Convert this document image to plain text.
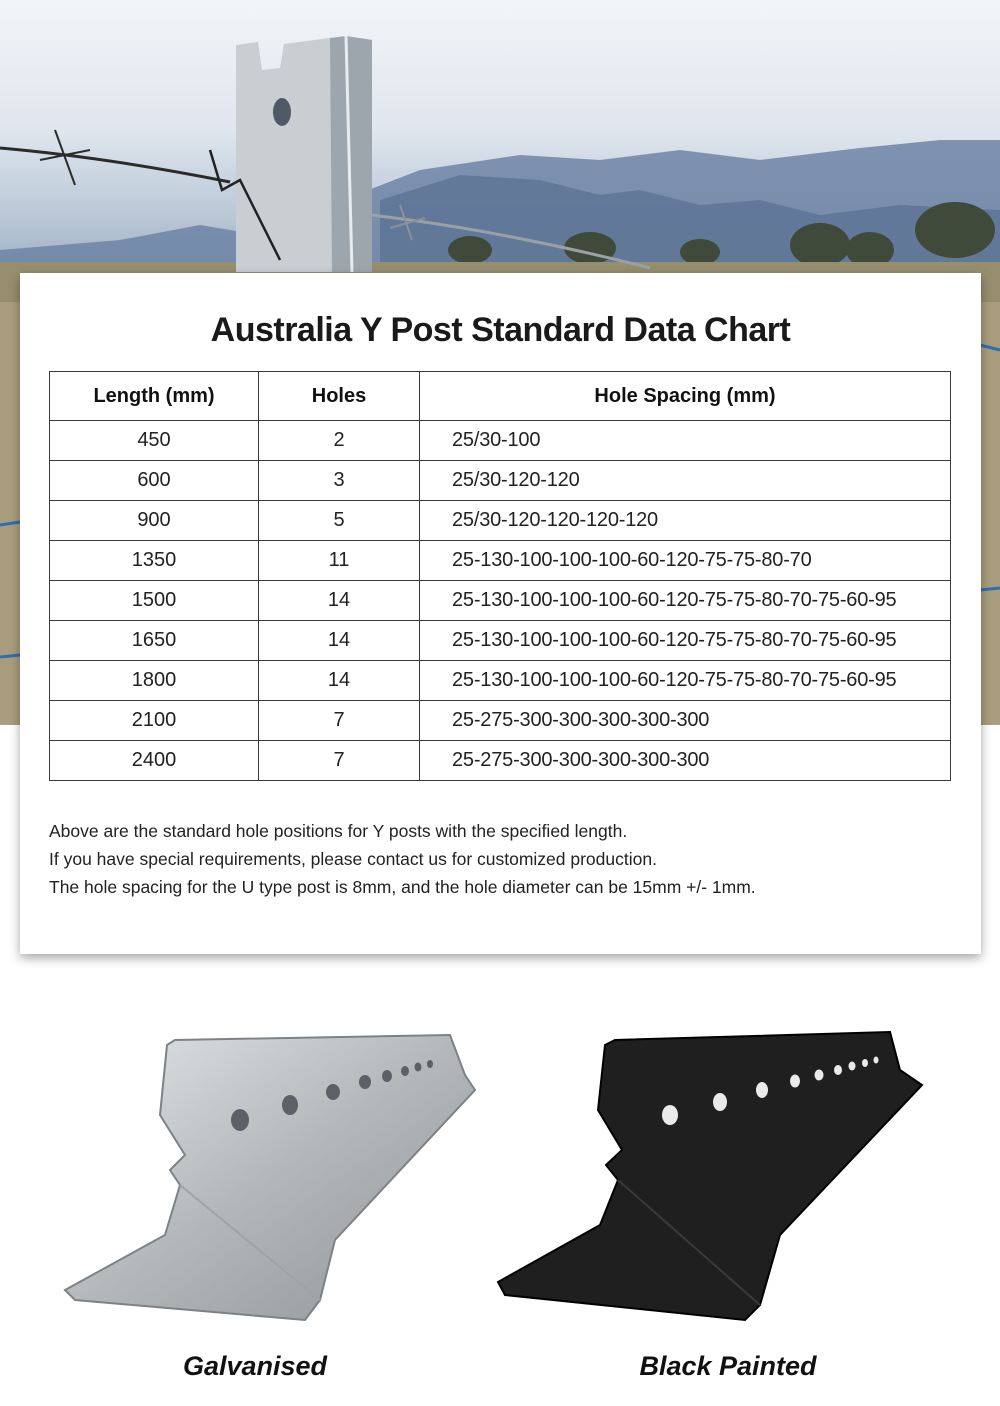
Australia Y Post Standard Data Chart
Length (mm)	Holes	Hole Spacing (mm)
450	2	25/30-100
600	3	25/30-120-120
900	5	25/30-120-120-120-120
1350	11	25-130-100-100-100-60-120-75-75-80-70
1500	14	25-130-100-100-100-60-120-75-75-80-70-75-60-95
1650	14	25-130-100-100-100-60-120-75-75-80-70-75-60-95
1800	14	25-130-100-100-100-60-120-75-75-80-70-75-60-95
2100	7	25-275-300-300-300-300-300
2400	7	25-275-300-300-300-300-300
Above are the standard hole positions for Y posts with the specified length.
If you have special requirements, please contact us for customized production.
The hole spacing for the U type post is 8mm, and the hole diameter can be 15mm +/- 1mm.
Galvanised	Black Painted
